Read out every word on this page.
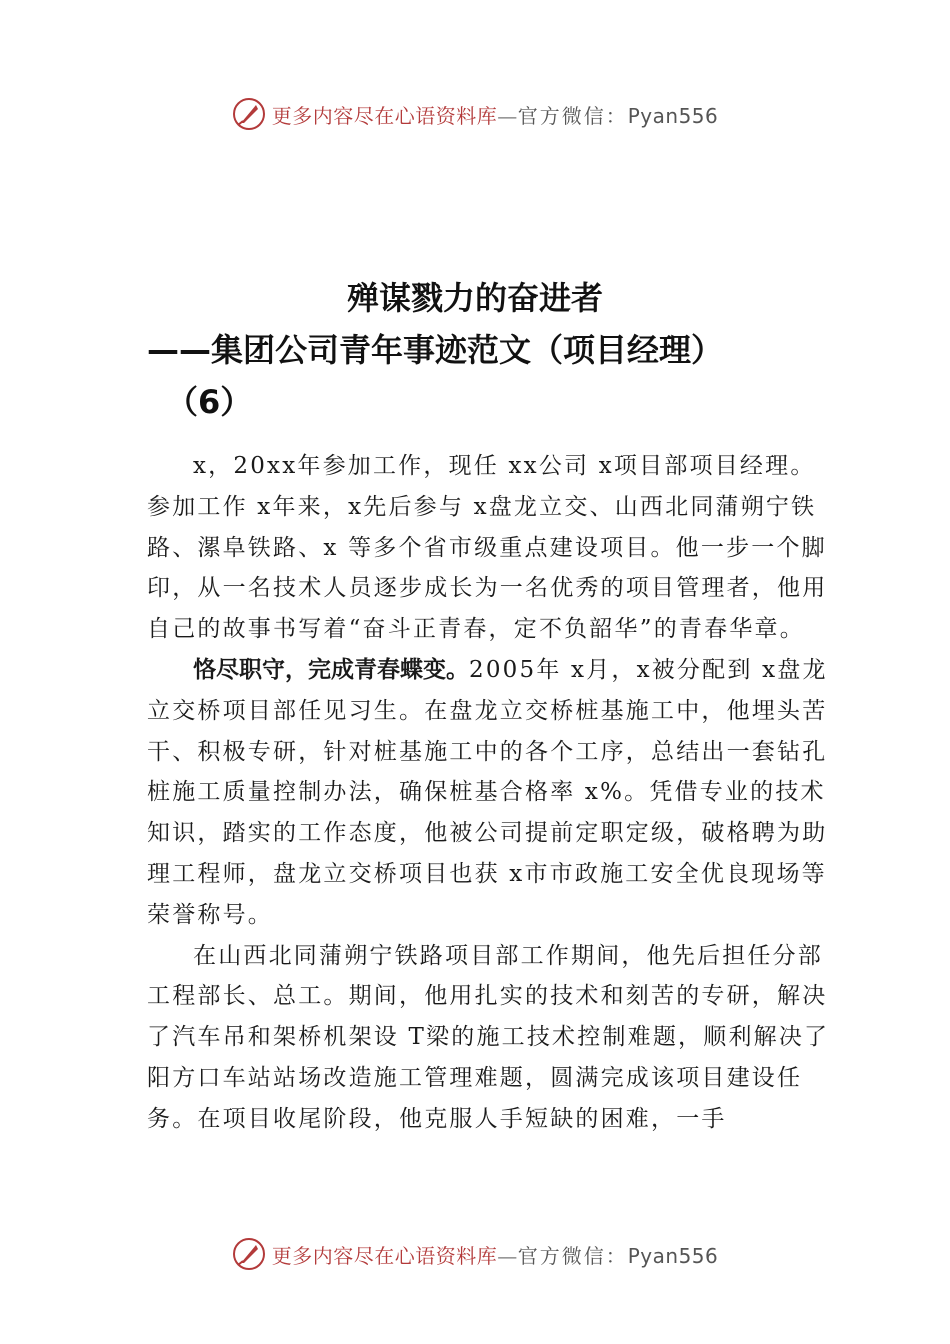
更多内容尽在心语资料库—官方微信：Pyan556
殚谋戮力的奋进者
——集团公司青年事迹范文（项目经理）
（6）

x，20xx年参加工作，现任 xx公司 x项目部项目经理。参加工作 x年来，x先后参与 x盘龙立交、山西北同蒲朔宁铁路、漯阜铁路、x 等多个省市级重点建设项目。他一步一个脚印，从一名技术人员逐步成长为一名优秀的项目管理者，他用自己的故事书写着“奋斗正青春，定不负韶华”的青春华章。

恪尽职守，完成青春蝶变。2005年 x月，x被分配到 x盘龙立交桥项目部任见习生。在盘龙立交桥桩基施工中，他埋头苦干、积极专研，针对桩基施工中的各个工序，总结出一套钻孔桩施工质量控制办法，确保桩基合格率 x%。凭借专业的技术知识，踏实的工作态度，他被公司提前定职定级，破格聘为助理工程师，盘龙立交桥项目也获 x市市政施工安全优良现场等荣誉称号。

在山西北同蒲朔宁铁路项目部工作期间，他先后担任分部工程部长、总工。期间，他用扎实的技术和刻苦的专研，解决了汽车吊和架桥机架设 T梁的施工技术控制难题，顺利解决了阳方口车站站场改造施工管理难题，圆满完成该项目建设任务。在项目收尾阶段，他克服人手短缺的困难，一手

更多内容尽在心语资料库—官方微信：Pyan556
